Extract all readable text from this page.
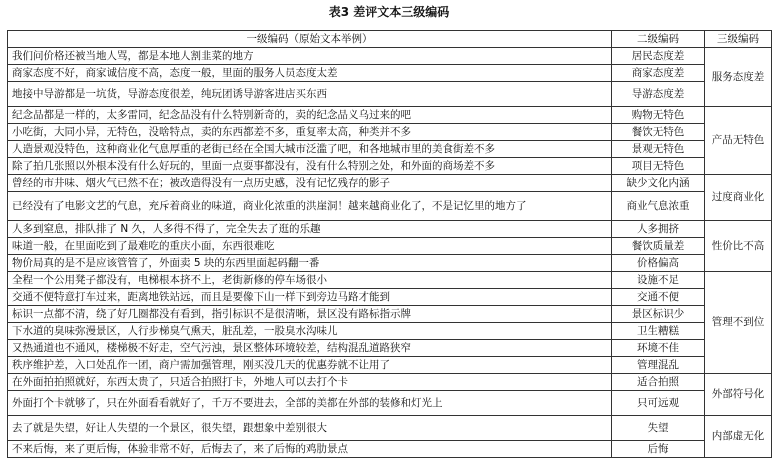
表3 差评文本三级编码
一级编码（原始文本举例）	二级编码	三级编码
我们问价格还被当地人骂，都是本地人割韭菜的地方	居民态度差	服务态度差
商家态度不好，商家诚信度不高，态度一般，里面的服务人员态度太差	商家态度差	
地接中导游都是一坑货，导游态度很差，纯玩团诱导游客进店买东西	导游态度差	
纪念品都是一样的，太多雷同，纪念品没有什么特别新奇的，卖的纪念品义乌过来的吧	购物无特色	产品无特色
小吃街，大同小异，无特色，没啥特点，卖的东西都差不多，重复率太高，种类并不多	餐饮无特色	
人造景观没特色，这种商业化气息厚重的老街已经在全国大城市泛滥了吧，和各地城市里的美食街差不多	景观无特色	
除了拍几张照以外根本没有什么好玩的，里面一点耍事都没有，没有什么特别之处，和外面的商场差不多	项目无特色	
曾经的市井味、烟火气已然不在；被改造得没有一点历史感，没有记忆残存的影子	缺少文化内涵	过度商业化
已经没有了电影文艺的气息，充斥着商业的味道，商业化浓重的洪崖洞！越来越商业化了，不是记忆里的地方了	商业气息浓重	
人多到窒息，排队排了 N 久，人多得不得了，完全失去了逛的乐趣	人多拥挤	性价比不高
味道一般，在里面吃到了最难吃的重庆小面，东西很难吃	餐饮质量差	
物价局真的是不是应该管管了，外面卖 5 块的东西里面起码翻一番	价格偏高	
全程一个公用凳子都没有，电梯根本挤不上，老街新修的停车场很小	设施不足	管理不到位
交通不便特意打车过来，距离地铁站远，而且是要像下山一样下到旁边马路才能到	交通不便	
标识一点都不清，绕了好几圈都没有看到，指引标识不是很清晰，景区没有路标指示牌	景区标识少	
下水道的臭味弥漫景区，人行步梯臭气熏天，脏乱差，一股臭水沟味儿	卫生糟糕	
又热通道也不通风，楼梯极不好走，空气污浊，景区整体环境较差，结构混乱道路狭窄	环境不佳	
秩序维护差，入口处乱作一团，商户需加强管理，刚买没几天的优惠券就不让用了	管理混乱	
在外面拍拍照就好，东西太贵了，只适合拍照打卡，外地人可以去打个卡	适合拍照	外部符号化
外面打个卡就够了，只在外面看看就好了，千万不要进去，全部的美都在外部的装修和灯光上	只可远观	
去了就是失望，好让人失望的一个景区，很失望，跟想象中差别很大	失望	内部虚无化
不来后悔，来了更后悔，体验非常不好，后悔去了，来了后悔的鸡肋景点	后悔	
